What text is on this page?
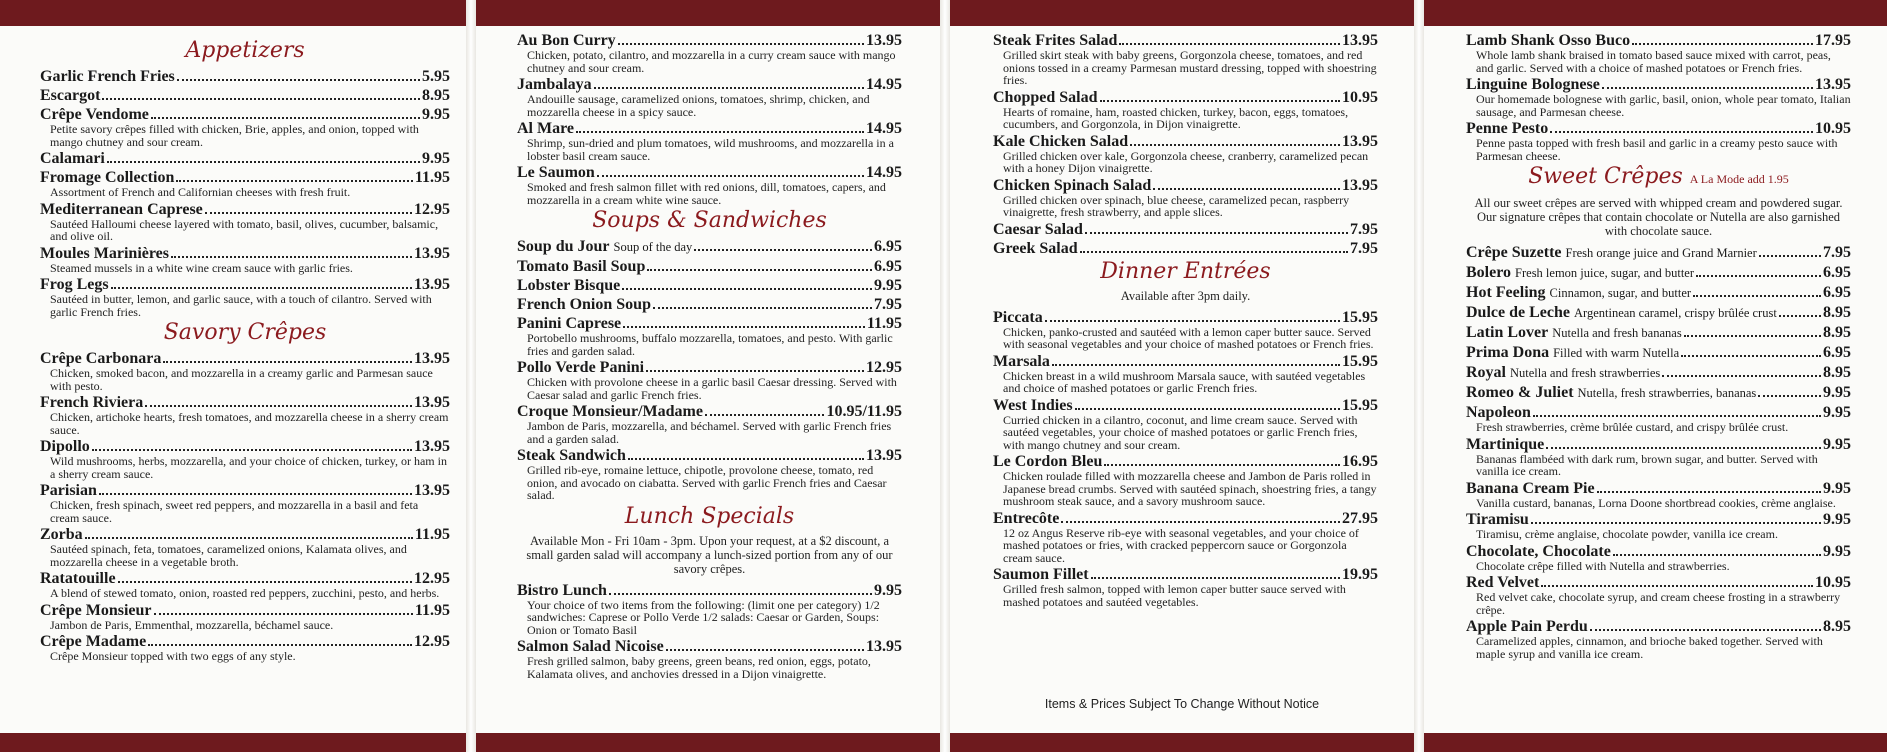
Appetizers
Garlic French Fries	5.95
Escargot	8.95
Crêpe Vendome	9.95
Petite savory crêpes filled with chicken, Brie, apples, and onion, topped with mango chutney and sour cream.
Calamari	9.95
Fromage Collection	11.95
Assortment of French and Californian cheeses with fresh fruit.
Mediterranean Caprese	12.95
Sautéed Halloumi cheese layered with tomato, basil, olives, cucumber, balsamic, and olive oil.
Moules Marinières	13.95
Steamed mussels in a white wine cream sauce with garlic fries.
Frog Legs	13.95
Sautéed in butter, lemon, and garlic sauce, with a touch of cilantro. Served with garlic French fries.
Savory Crêpes
Crêpe Carbonara	13.95
Chicken, smoked bacon, and mozzarella in a creamy garlic and Parmesan sauce with pesto.
French Riviera	13.95
Chicken, artichoke hearts, fresh tomatoes, and mozzarella cheese in a sherry cream sauce.
Dipollo	13.95
Wild mushrooms, herbs, mozzarella, and your choice of chicken, turkey, or ham in a sherry cream sauce.
Parisian	13.95
Chicken, fresh spinach, sweet red peppers, and mozzarella in a basil and feta cream sauce.
Zorba	11.95
Sautéed spinach, feta, tomatoes, caramelized onions, Kalamata olives, and mozzarella cheese in a vegetable broth.
Ratatouille	12.95
A blend of stewed tomato, onion, roasted red peppers, zucchini, pesto, and herbs.
Crêpe Monsieur	11.95
Jambon de Paris, Emmenthal, mozzarella, béchamel sauce.
Crêpe Madame	12.95
Crêpe Monsieur topped with two eggs of any style.
Au Bon Curry	13.95
Chicken, potato, cilantro, and mozzarella in a curry cream sauce with mango chutney and sour cream.
Jambalaya	14.95
Andouille sausage, caramelized onions, tomatoes, shrimp, chicken, and mozzarella cheese in a spicy sauce.
Al Mare	14.95
Shrimp, sun-dried and plum tomatoes, wild mushrooms, and mozzarella in a lobster basil cream sauce.
Le Saumon	14.95
Smoked and fresh salmon fillet with red onions, dill, tomatoes, capers, and mozzarella in a cream white wine sauce.
Soups & Sandwiches
Soup du Jour Soup of the day	6.95
Tomato Basil Soup	6.95
Lobster Bisque	9.95
French Onion Soup	7.95
Panini Caprese	11.95
Portobello mushrooms, buffalo mozzarella, tomatoes, and pesto. With garlic fries and garden salad.
Pollo Verde Panini	12.95
Chicken with provolone cheese in a garlic basil Caesar dressing. Served with Caesar salad and garlic French fries.
Croque Monsieur/Madame	10.95/11.95
Jambon de Paris, mozzarella, and béchamel. Served with garlic French fries and a garden salad.
Steak Sandwich	13.95
Grilled rib-eye, romaine lettuce, chipotle, provolone cheese, tomato, red onion, and avocado on ciabatta. Served with garlic French fries and Caesar salad.
Lunch Specials
Available Mon - Fri 10am - 3pm. Upon your request, at a $2 discount, a small garden salad will accompany a lunch-sized portion from any of our savory crêpes.
Bistro Lunch	9.95
Your choice of two items from the following: (limit one per category) 1/2 sandwiches: Caprese or Pollo Verde 1/2 salads: Caesar or Garden, Soups: Onion or Tomato Basil
Salmon Salad Nicoise	13.95
Fresh grilled salmon, baby greens, green beans, red onion, eggs, potato, Kalamata olives, and anchovies dressed in a Dijon vinaigrette.
Steak Frites Salad	13.95
Grilled skirt steak with baby greens, Gorgonzola cheese, tomatoes, and red onions tossed in a creamy Parmesan mustard dressing, topped with shoestring fries.
Chopped Salad	10.95
Hearts of romaine, ham, roasted chicken, turkey, bacon, eggs, tomatoes, cucumbers, and Gorgonzola, in Dijon vinaigrette.
Kale Chicken Salad	13.95
Grilled chicken over kale, Gorgonzola cheese, cranberry, caramelized pecan with a honey Dijon vinaigrette.
Chicken Spinach Salad	13.95
Grilled chicken over spinach, blue cheese, caramelized pecan, raspberry vinaigrette, fresh strawberry, and apple slices.
Caesar Salad	7.95
Greek Salad	7.95
Dinner Entrées
Available after 3pm daily.
Piccata	15.95
Chicken, panko-crusted and sautéed with a lemon caper butter sauce. Served with seasonal vegetables and your choice of mashed potatoes or French fries.
Marsala	15.95
Chicken breast in a wild mushroom Marsala sauce, with sautéed vegetables and choice of mashed potatoes or garlic French fries.
West Indies	15.95
Curried chicken in a cilantro, coconut, and lime cream sauce. Served with sautéed vegetables, your choice of mashed potatoes or garlic French fries, with mango chutney and sour cream.
Le Cordon Bleu	16.95
Chicken roulade filled with mozzarella cheese and Jambon de Paris rolled in Japanese bread crumbs. Served with sautéed spinach, shoestring fries, a tangy mushroom steak sauce, and a savory mushroom sauce.
Entrecôte	27.95
12 oz Angus Reserve rib-eye with seasonal vegetables, and your choice of mashed potatoes or fries, with cracked peppercorn sauce or Gorgonzola cream sauce.
Saumon Fillet	19.95
Grilled fresh salmon, topped with lemon caper butter sauce served with mashed potatoes and sautéed vegetables.
Items & Prices Subject To Change Without Notice
Lamb Shank Osso Buco	17.95
Whole lamb shank braised in tomato based sauce mixed with carrot, peas, and garlic. Served with a choice of mashed potatoes or French fries.
Linguine Bolognese	13.95
Our homemade bolognese with garlic, basil, onion, whole pear tomato, Italian sausage, and Parmesan cheese.
Penne Pesto	10.95
Penne pasta topped with fresh basil and garlic in a creamy pesto sauce with Parmesan cheese.
Sweet Crêpes A La Mode add 1.95
All our sweet crêpes are served with whipped cream and powdered sugar. Our signature crêpes that contain chocolate or Nutella are also garnished with chocolate sauce.
Crêpe Suzette Fresh orange juice and Grand Marnier	7.95
Bolero Fresh lemon juice, sugar, and butter	6.95
Hot Feeling Cinnamon, sugar, and butter	6.95
Dulce de Leche Argentinean caramel, crispy brûlée crust	8.95
Latin Lover Nutella and fresh bananas	8.95
Prima Dona Filled with warm Nutella	6.95
Royal Nutella and fresh strawberries	8.95
Romeo & Juliet Nutella, fresh strawberries, bananas	9.95
Napoleon	9.95
Fresh strawberries, crème brûlée custard, and crispy brûlée crust.
Martinique	9.95
Bananas flambéed with dark rum, brown sugar, and butter. Served with vanilla ice cream.
Banana Cream Pie	9.95
Vanilla custard, bananas, Lorna Doone shortbread cookies, crème anglaise.
Tiramisu	9.95
Tiramisu, crème anglaise, chocolate powder, vanilla ice cream.
Chocolate, Chocolate	9.95
Chocolate crêpe filled with Nutella and strawberries.
Red Velvet	10.95
Red velvet cake, chocolate syrup, and cream cheese frosting in a strawberry crêpe.
Apple Pain Perdu	8.95
Caramelized apples, cinnamon, and brioche baked together. Served with maple syrup and vanilla ice cream.
